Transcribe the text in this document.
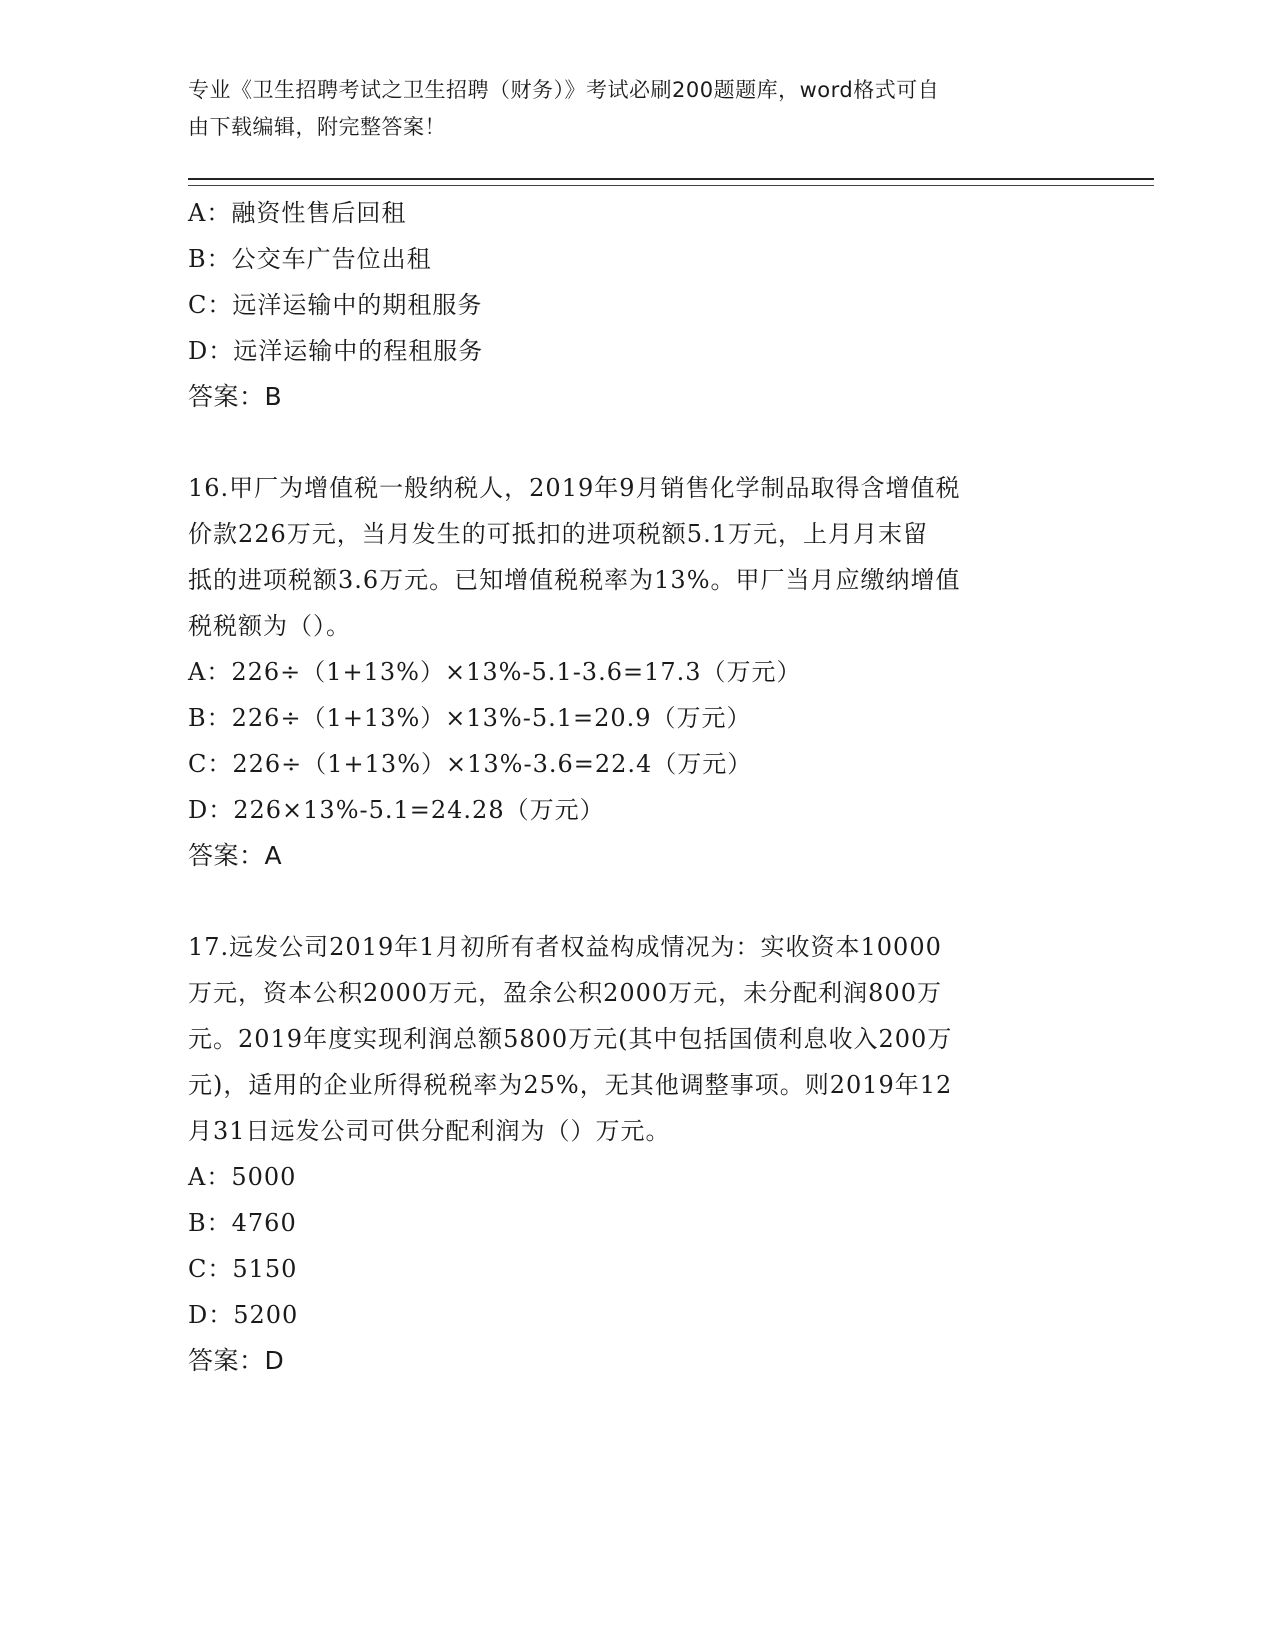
专业《卫生招聘考试之卫生招聘（财务）》考试必刷200题题库，word格式可自
由下载编辑，附完整答案！
A：融资性售后回租
B：公交车广告位出租
C：远洋运输中的期租服务
D：远洋运输中的程租服务
答案：B
16.甲厂为增值税一般纳税人，2019年9月销售化学制品取得含增值税
价款226万元，当月发生的可抵扣的进项税额5.1万元，上月月末留
抵的进项税额3.6万元。已知增值税税率为13%。甲厂当月应缴纳增值
税税额为（）。
A：226÷（1+13%）×13%-5.1-3.6=17.3（万元）
B：226÷（1+13%）×13%-5.1=20.9（万元）
C：226÷（1+13%）×13%-3.6=22.4（万元）
D：226×13%-5.1=24.28（万元）
答案：A
17.远发公司2019年1月初所有者权益构成情况为：实收资本10000
万元，资本公积2000万元，盈余公积2000万元，未分配利润800万
元。2019年度实现利润总额5800万元(其中包括国债利息收入200万
元)，适用的企业所得税税率为25%，无其他调整事项。则2019年12
月31日远发公司可供分配利润为（）万元。
A：5000
B：4760
C：5150
D：5200
答案：D
